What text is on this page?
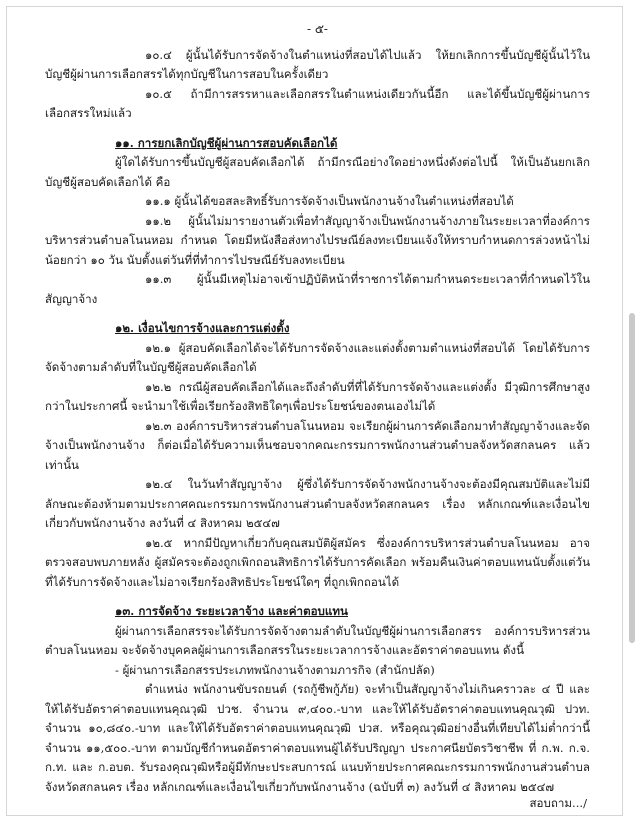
- ๕-

๑๐.๔ ผู้นั้นได้รับการจัดจ้างในตำแหน่งที่สอบได้ไปแล้ว ให้ยกเลิกการขึ้นบัญชีผู้นั้นไว้ในบัญชีผู้ผ่านการเลือกสรรได้ทุกบัญชีในการสอบในครั้งเดียว

๑๐.๕ ถ้ามีการสรรหาและเลือกสรรในตำแหน่งเดียวกันนี้อีก และได้ขึ้นบัญชีผู้ผ่านการเลือกสรรใหม่แล้ว

๑๑. การยกเลิกบัญชีผู้ผ่านการสอบคัดเลือกได้

ผู้ใดได้รับการขึ้นบัญชีผู้สอบคัดเลือกได้ ถ้ามีกรณีอย่างใดอย่างหนึ่งดังต่อไปนี้ ให้เป็นอันยกเลิกบัญชีผู้สอบคัดเลือกได้ คือ

๑๑.๑ ผู้นั้นได้ขอสละสิทธิ์รับการจัดจ้างเป็นพนักงานจ้างในตำแหน่งที่สอบได้

๑๑.๒ ผู้นั้นไม่มารายงานตัวเพื่อทำสัญญาจ้างเป็นพนักงานจ้างภายในระยะเวลาที่องค์การบริหารส่วนตำบลโนนหอม กำหนด โดยมีหนังสือส่งทางไปรษณีย์ลงทะเบียนแจ้งให้ทราบกำหนดการล่วงหน้าไม่น้อยกว่า ๑๐ วัน นับตั้งแต่วันที่ที่ทำการไปรษณีย์รับลงทะเบียน

๑๑.๓ ผู้นั้นมีเหตุไม่อาจเข้าปฏิบัติหน้าที่ราชการได้ตามกำหนดระยะเวลาที่กำหนดไว้ในสัญญาจ้าง

๑๒. เงื่อนไขการจ้างและการแต่งตั้ง

๑๒.๑ ผู้สอบคัดเลือกได้จะได้รับการจัดจ้างและแต่งตั้งตามตำแหน่งที่สอบได้ โดยได้รับการจัดจ้างตามลำดับที่ในบัญชีผู้สอบคัดเลือกได้

๑๒.๒ กรณีผู้สอบคัดเลือกได้และถึงลำดับที่ที่ได้รับการจัดจ้างและแต่งตั้ง มีวุฒิการศึกษาสูงกว่าในประกาศนี้ จะนำมาใช้เพื่อเรียกร้องสิทธิใดๆเพื่อประโยชน์ของตนเองไม่ได้

๑๒.๓ องค์การบริหารส่วนตำบลโนนหอม จะเรียกผู้ผ่านการคัดเลือกมาทำสัญญาจ้างและจัดจ้างเป็นพนักงานจ้าง ก็ต่อเมื่อได้รับความเห็นชอบจากคณะกรรมการพนักงานส่วนตำบลจังหวัดสกลนคร แล้วเท่านั้น

๑๒.๔ ในวันทำสัญญาจ้าง ผู้ซึ่งได้รับการจัดจ้างพนักงานจ้างจะต้องมีคุณสมบัติและไม่มีลักษณะต้องห้ามตามประกาศคณะกรรมการพนักงานส่วนตำบลจังหวัดสกลนคร เรื่อง หลักเกณฑ์และเงื่อนไขเกี่ยวกับพนักงานจ้าง ลงวันที่ ๔ สิงหาคม ๒๕๔๗

๑๒.๕ หากมีปัญหาเกี่ยวกับคุณสมบัติผู้สมัคร ซึ่งองค์การบริหารส่วนตำบลโนนหอม อาจตรวจสอบพบภายหลัง ผู้สมัครจะต้องถูกเพิกถอนสิทธิการได้รับการคัดเลือก พร้อมคืนเงินค่าตอบแทนนับตั้งแต่วันที่ได้รับการจัดจ้างและไม่อาจเรียกร้องสิทธิประโยชน์ใดๆ ที่ถูกเพิกถอนได้

๑๓. การจัดจ้าง ระยะเวลาจ้าง และค่าตอบแทน

ผู้ผ่านการเลือกสรรจะได้รับการจัดจ้างตามลำดับในบัญชีผู้ผ่านการเลือกสรร องค์การบริหารส่วนตำบลโนนหอม จะจัดจ้างบุคคลผู้ผ่านการเลือกสรรในระยะเวลาการจ้างและอัตราค่าตอบแทน ดังนี้

- ผู้ผ่านการเลือกสรรประเภทพนักงานจ้างตามภารกิจ (สำนักปลัด)

ตำแหน่ง พนักงานขับรถยนต์ (รถกู้ชีพกู้ภัย) จะทำเป็นสัญญาจ้างไม่เกินคราวละ ๔ ปี และให้ได้รับอัตราค่าตอบแทนคุณวุฒิ ปวช. จำนวน ๙,๔๐๐.-บาท และให้ได้รับอัตราค่าตอบแทนคุณวุฒิ ปวท. จำนวน ๑๐,๘๔๐.-บาท และให้ได้รับอัตราค่าตอบแทนคุณวุฒิ ปวส. หรือคุณวุฒิอย่างอื่นที่เทียบได้ไม่ต่ำกว่านี้ จำนวน ๑๑,๕๐๐.-บาท ตามบัญชีกำหนดอัตราค่าตอบแทนผู้ได้รับปริญญา ประกาศนียบัตรวิชาชีพ ที่ ก.พ. ก.จ. ก.ท. และ ก.อบต. รับรองคุณวุฒิหรือผู้มีทักษะประสบการณ์ แนบท้ายประกาศคณะกรรมการพนักงานส่วนตำบลจังหวัดสกลนคร เรื่อง หลักเกณฑ์และเงื่อนไขเกี่ยวกับพนักงานจ้าง (ฉบับที่ ๓) ลงวันที่ ๔ สิงหาคม ๒๕๔๗

สอบถาม.../
